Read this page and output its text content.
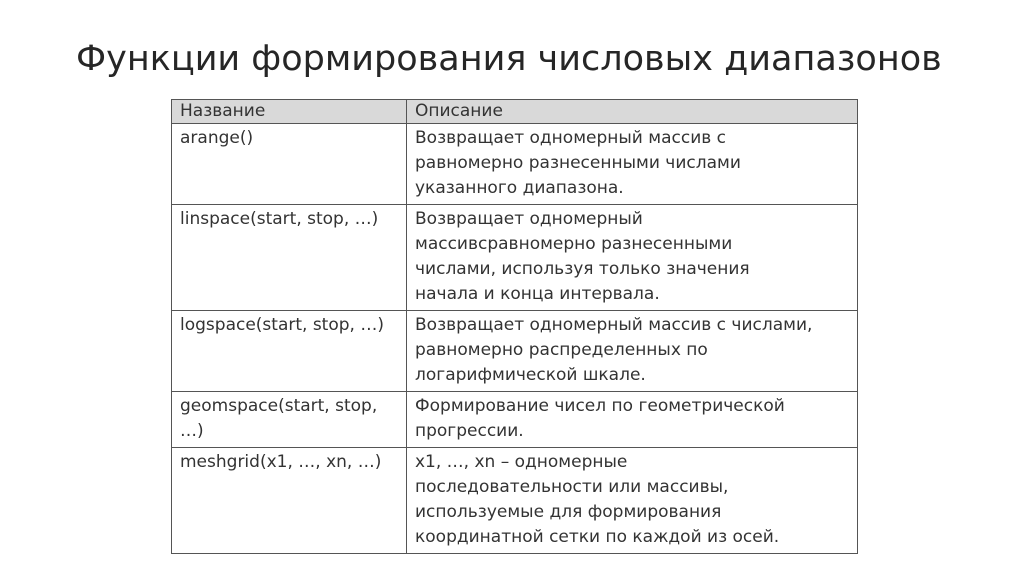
Функции формирования числовых диапазонов
Название	Описание
arange()	Возвращает одномерный массив с равномерно разнесенными числами указанного диапазона.

linspace(start, stop, …)	Возвращает одномерный массивсравномерно разнесенными числами, используя только значения начала и конца интервала.

logspace(start, stop, …)	Возвращает одномерный массив с числами, равномерно распределенных по логарифмической шкале.

geomspace(start, stop, …)	Формирование чисел по геометрической прогрессии.

meshgrid(x1, …, xn, …)	x1, …, xn – одномерные последовательности или массивы, используемые для формирования координатной сетки по каждой из осей.
